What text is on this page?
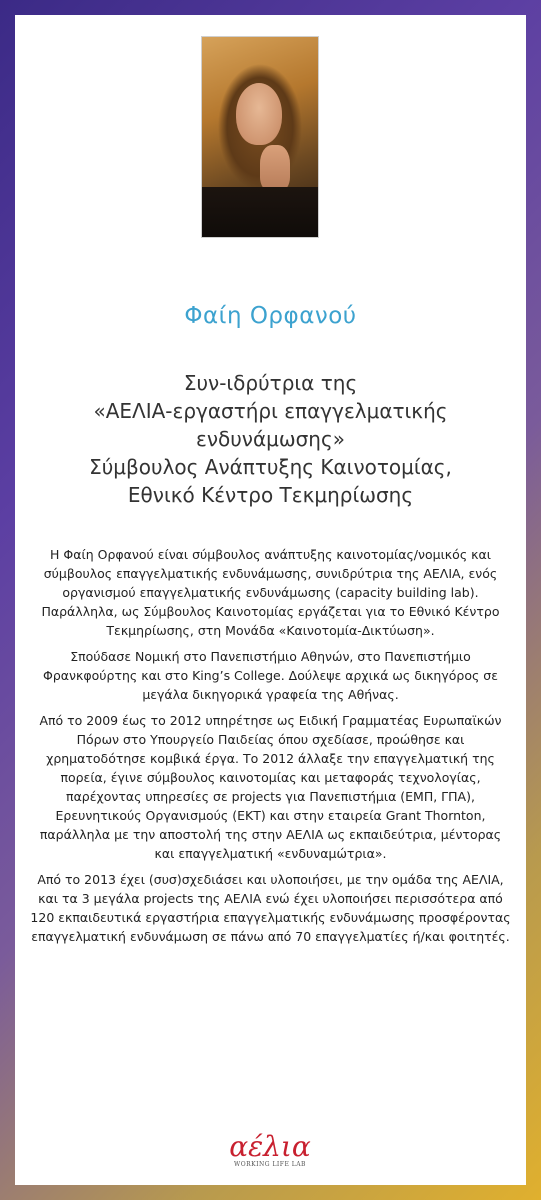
Φαίη Ορφανού
Συν-ιδρύτρια της
«ΑΕΛΙΑ-εργαστήρι επαγγελματικής
ενδυνάμωσης»
Σύμβουλος Ανάπτυξης Καινοτομίας,
Εθνικό Κέντρο Τεκμηρίωσης

Η Φαίη Ορφανού είναι σύμβουλος ανάπτυξης καινοτομίας/νομικός και σύμβουλος επαγγελματικής ενδυνάμωσης, συνιδρύτρια της ΑΕΛΙΑ, ενός οργανισμού επαγγελματικής ενδυνάμωσης (capacity building lab). Παράλληλα, ως Σύμβουλος Καινοτομίας εργάζεται για το Εθνικό Κέντρο Τεκμηρίωσης, στη Μονάδα «Καινοτομία-Δικτύωση».

Σπούδασε Νομική στο Πανεπιστήμιο Αθηνών, στο Πανεπιστήμιο Φρανκφούρτης και στο King’s College. Δούλεψε αρχικά ως δικηγόρος σε μεγάλα δικηγορικά γραφεία της Αθήνας.

Από το 2009 έως το 2012 υπηρέτησε ως Ειδική Γραμματέας Ευρωπαϊκών Πόρων στο Υπουργείο Παιδείας όπου σχεδίασε, προώθησε και χρηματοδότησε κομβικά έργα. Το 2012 άλλαξε την επαγγελματική της πορεία, έγινε σύμβουλος καινοτομίας και μεταφοράς τεχνολογίας, παρέχοντας υπηρεσίες σε projects για Πανεπιστήμια (ΕΜΠ, ΓΠΑ), Ερευνητικούς Οργανισμούς (ΕΚΤ) και στην εταιρεία Grant Thornton, παράλληλα με την αποστολή της στην ΑΕΛΙΑ ως εκπαιδεύτρια, μέντορας και επαγγελματική «ενδυναμώτρια».

Από το 2013 έχει (συσ)σχεδιάσει και υλοποιήσει, με την ομάδα της ΑΕΛΙΑ, και τα 3 μεγάλα projects της ΑΕΛΙΑ ενώ έχει υλοποιήσει περισσότερα από 120 εκπαιδευτικά εργαστήρια επαγγελματικής ενδυνάμωσης προσφέροντας επαγγελματική ενδυνάμωση σε πάνω από 70 επαγγελματίες ή/και φοιτητές.

αέλια
WORKING LIFE LAB
